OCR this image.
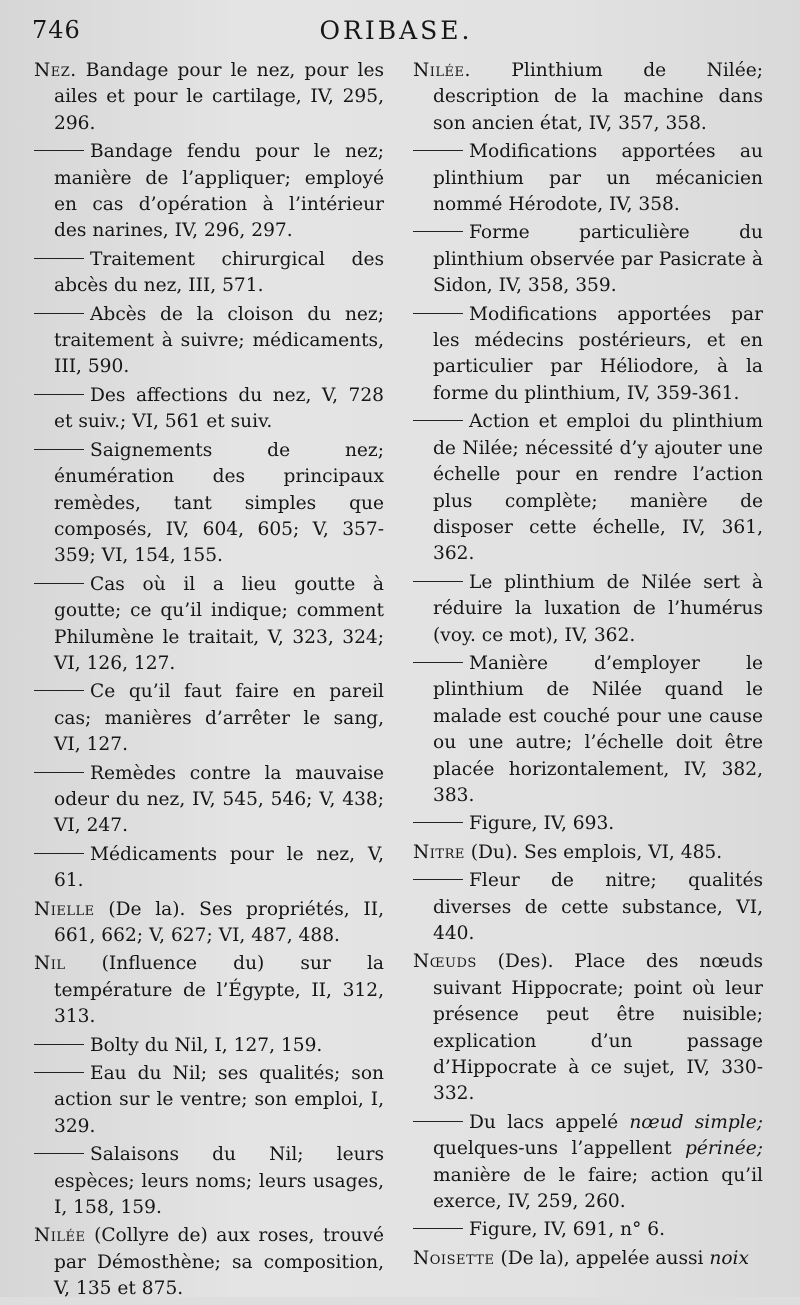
746	ORIBASE.

Nez. Bandage pour le nez, pour les ailes et pour le cartilage, IV, 295, 296.

Bandage fendu pour le nez; manière de l’appliquer; employé en cas d’opération à l’intérieur des narines, IV, 296, 297.

Traitement chirurgical des abcès du nez, III, 571.

Abcès de la cloison du nez; traitement à suivre; médicaments, III, 590.

Des affections du nez, V, 728 et suiv.; VI, 561 et suiv.

Saignements de nez; énumération des principaux remèdes, tant simples que composés, IV, 604, 605; V, 357-359; VI, 154, 155.

Cas où il a lieu goutte à goutte; ce qu’il indique; comment Philumène le traitait, V, 323, 324; VI, 126, 127.

Ce qu’il faut faire en pareil cas; manières d’arrêter le sang, VI, 127.

Remèdes contre la mauvaise odeur du nez, IV, 545, 546; V, 438; VI, 247.

Médicaments pour le nez, V, 61.

Nielle (De la). Ses propriétés, II, 661, 662; V, 627; VI, 487, 488.

Nil (Influence du) sur la température de l’Égypte, II, 312, 313.

Bolty du Nil, I, 127, 159.

Eau du Nil; ses qualités; son action sur le ventre; son emploi, I, 329.

Salaisons du Nil; leurs espèces; leurs noms; leurs usages, I, 158, 159.

Nilée (Collyre de) aux roses, trouvé par Démosthène; sa composition, V, 135 et 875.

Nilée. Plinthium de Nilée; description de la machine dans son ancien état, IV, 357, 358.

Modifications apportées au plinthium par un mécanicien nommé Hérodote, IV, 358.

Forme particulière du plinthium observée par Pasicrate à Sidon, IV, 358, 359.

Modifications apportées par les médecins postérieurs, et en particulier par Héliodore, à la forme du plinthium, IV, 359-361.

Action et emploi du plinthium de Nilée; nécessité d’y ajouter une échelle pour en rendre l’action plus complète; manière de disposer cette échelle, IV, 361, 362.

Le plinthium de Nilée sert à réduire la luxation de l’humérus (voy. ce mot), IV, 362.

Manière d’employer le plinthium de Nilée quand le malade est couché pour une cause ou une autre; l’échelle doit être placée horizontalement, IV, 382, 383.

Figure, IV, 693.

Nitre (Du). Ses emplois, VI, 485.

Fleur de nitre; qualités diverses de cette substance, VI, 440.

Nœuds (Des). Place des nœuds suivant Hippocrate; point où leur présence peut être nuisible; explication d’un passage d’Hippocrate à ce sujet, IV, 330-332.

Du lacs appelé nœud simple; quelques-uns l’appellent périnée; manière de le faire; action qu’il exerce, IV, 259, 260.

Figure, IV, 691, n° 6.

Noisette (De la), appelée aussi noix
